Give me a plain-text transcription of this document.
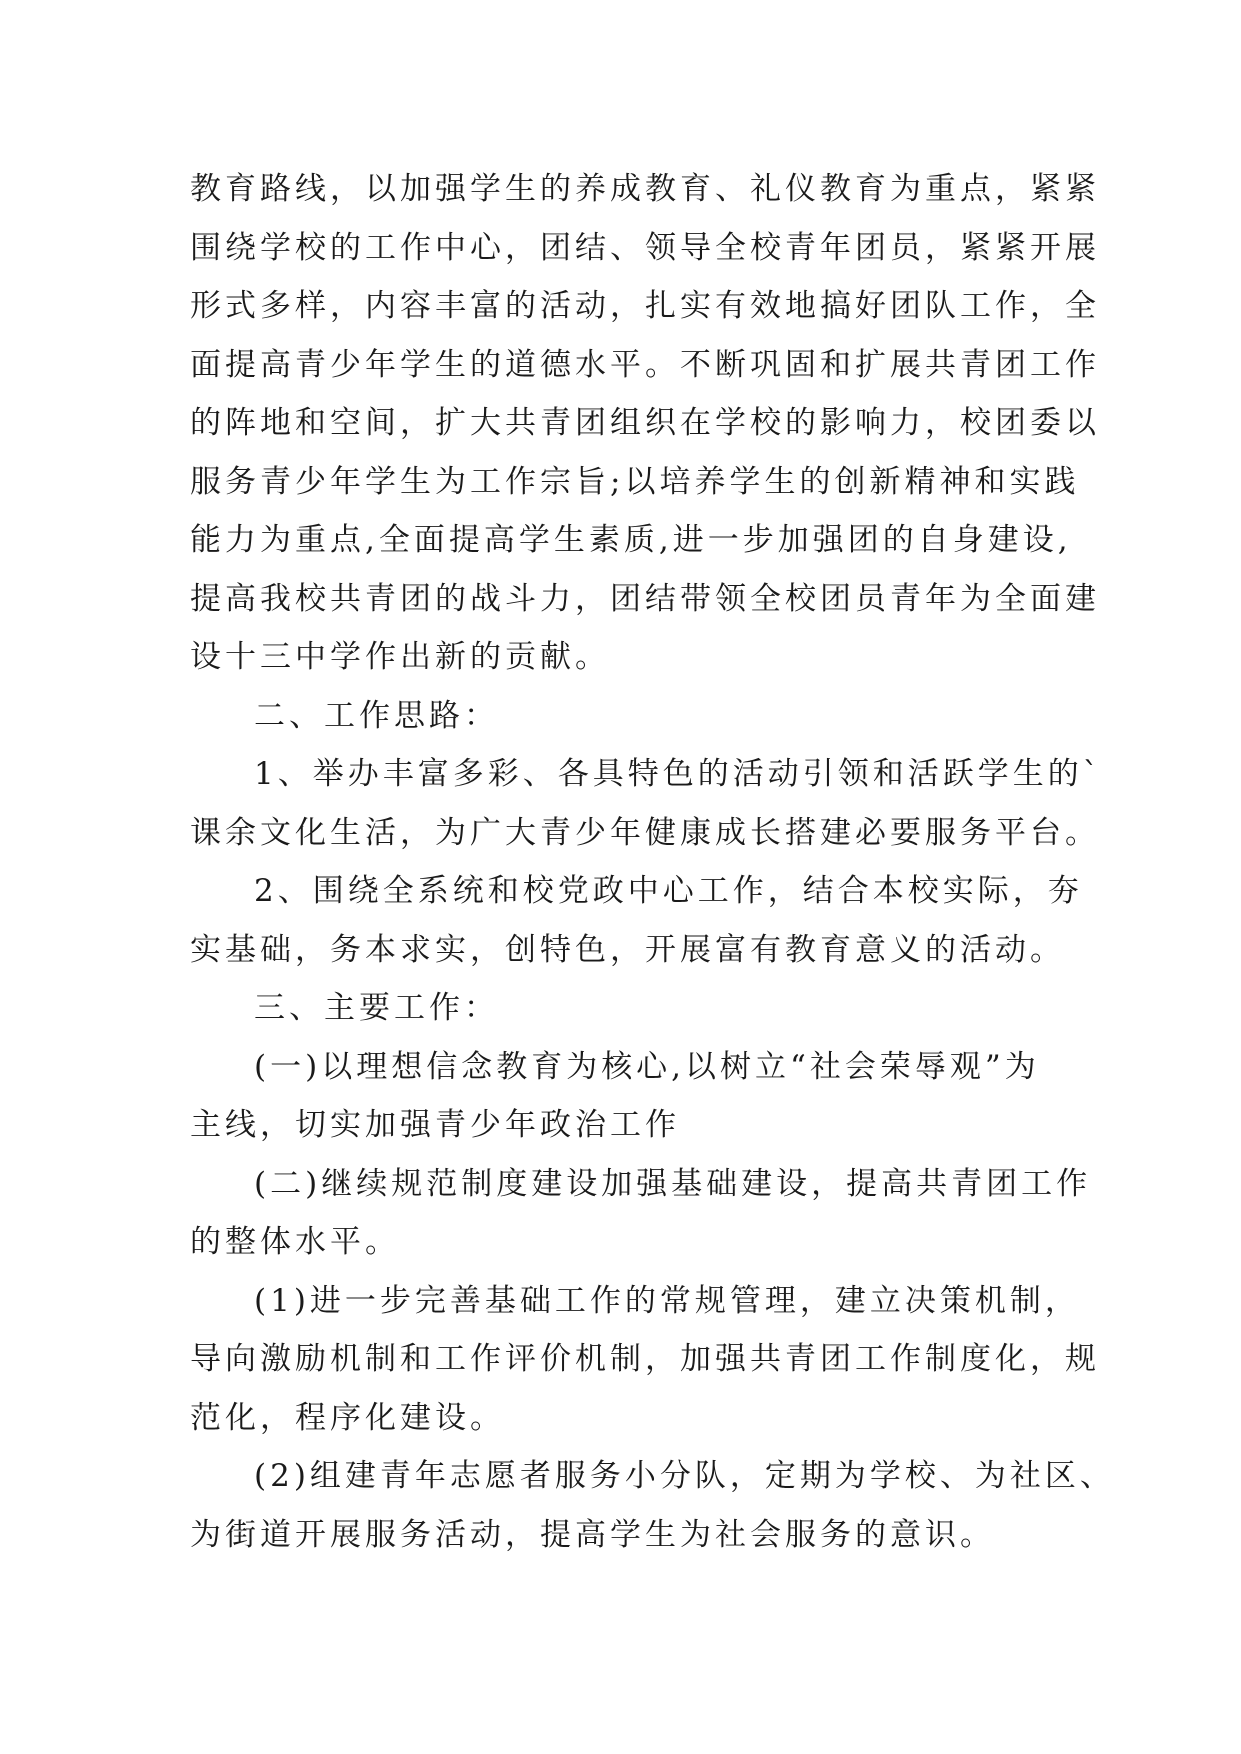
教育路线，以加强学生的养成教育、礼仪教育为重点，紧紧
围绕学校的工作中心，团结、领导全校青年团员，紧紧开展
形式多样，内容丰富的活动，扎实有效地搞好团队工作，全
面提高青少年学生的道德水平。不断巩固和扩展共青团工作
的阵地和空间，扩大共青团组织在学校的影响力，校团委以
服务青少年学生为工作宗旨;以培养学生的创新精神和实践
能力为重点,全面提高学生素质,进一步加强团的自身建设,
提高我校共青团的战斗力，团结带领全校团员青年为全面建
设十三中学作出新的贡献。
二、工作思路：
1、举办丰富多彩、各具特色的活动引领和活跃学生的`
课余文化生活，为广大青少年健康成长搭建必要服务平台。
2、围绕全系统和校党政中心工作，结合本校实际，夯
实基础，务本求实，创特色，开展富有教育意义的活动。
三、主要工作：
(一)以理想信念教育为核心,以树立“社会荣辱观”为
主线，切实加强青少年政治工作
(二)继续规范制度建设加强基础建设，提高共青团工作
的整体水平。
(1)进一步完善基础工作的常规管理，建立决策机制，
导向激励机制和工作评价机制，加强共青团工作制度化，规
范化，程序化建设。
(2)组建青年志愿者服务小分队，定期为学校、为社区、
为街道开展服务活动，提高学生为社会服务的意识。
